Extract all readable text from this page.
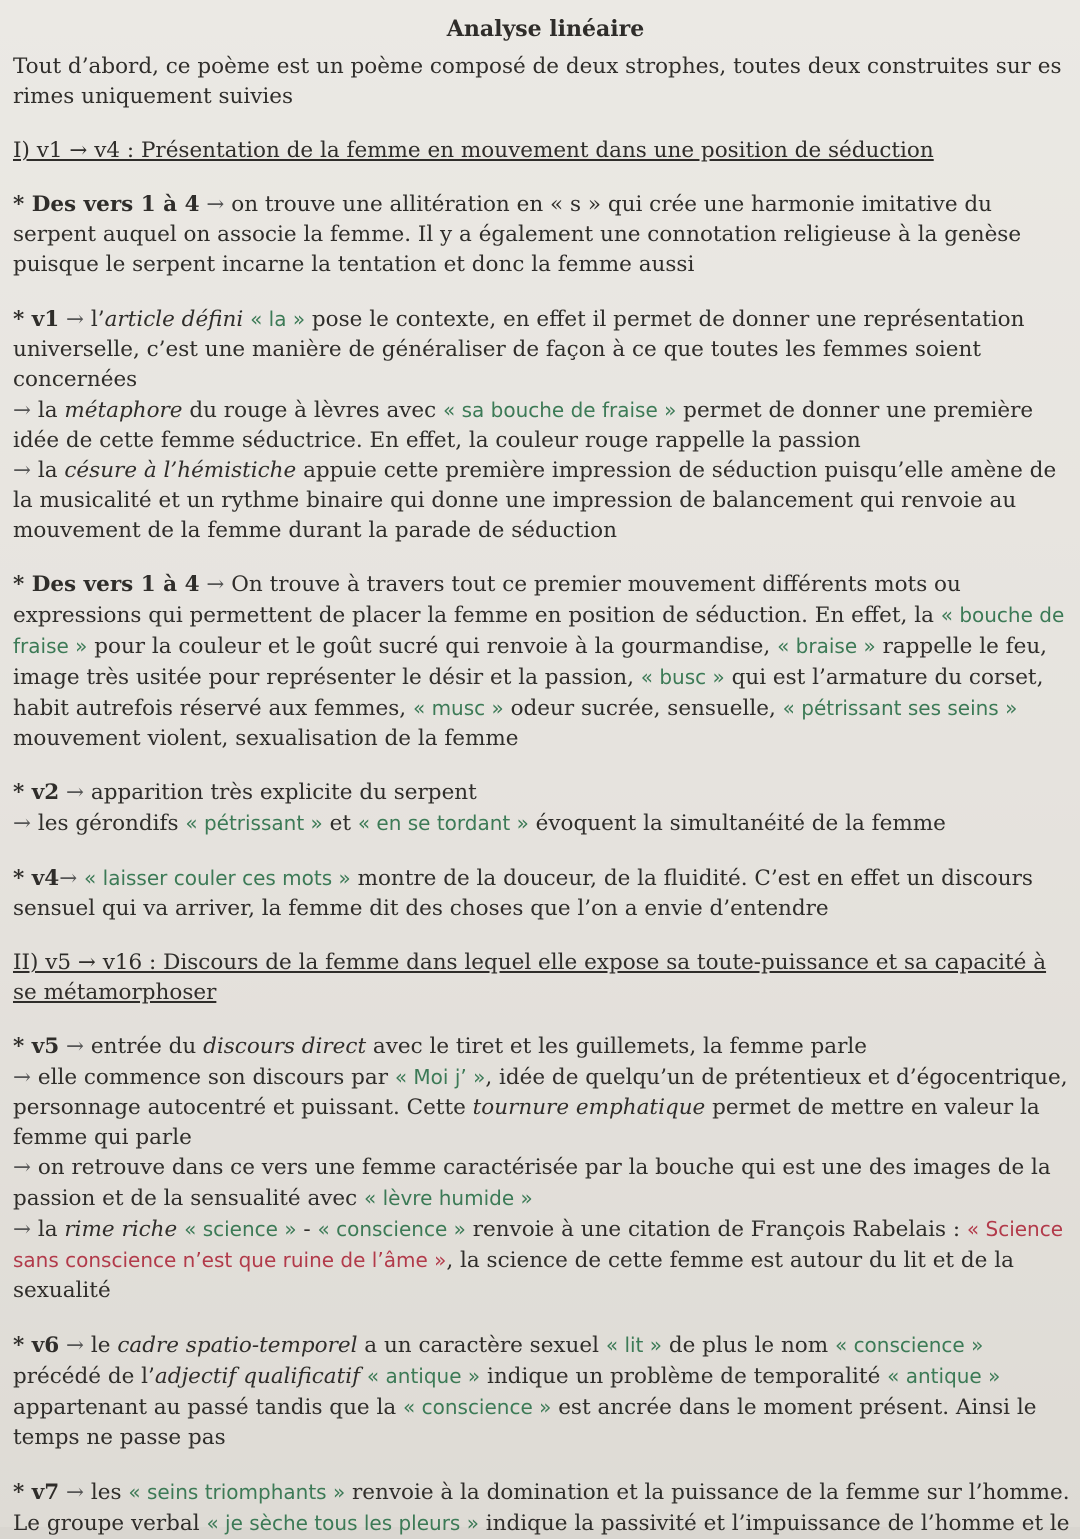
Analyse linéaire

Tout d’abord, ce poème est un poème composé de deux strophes, toutes deux construites sur es rimes uniquement suivies

I) v1 → v4 : Présentation de la femme en mouvement dans une position de séduction

* Des vers 1 à 4 → on trouve une allitération en « s » qui crée une harmonie imitative du serpent auquel on associe la femme. Il y a également une connotation religieuse à la genèse puisque le serpent incarne la tentation et donc la femme aussi

* v1 → l’article défini « la » pose le contexte, en effet il permet de donner une représentation universelle, c’est une manière de généraliser de façon à ce que toutes les femmes soient concernées
→ la métaphore du rouge à lèvres avec « sa bouche de fraise » permet de donner une première idée de cette femme séductrice. En effet, la couleur rouge rappelle la passion
→ la césure à l’hémistiche appuie cette première impression de séduction puisqu’elle amène de la musicalité et un rythme binaire qui donne une impression de balancement qui renvoie au mouvement de la femme durant la parade de séduction

* Des vers 1 à 4 → On trouve à travers tout ce premier mouvement différents mots ou expressions qui permettent de placer la femme en position de séduction. En effet, la « bouche de fraise » pour la couleur et le goût sucré qui renvoie à la gourmandise, « braise » rappelle le feu, image très usitée pour représenter le désir et la passion, « busc » qui est l’armature du corset, habit autrefois réservé aux femmes, « musc » odeur sucrée, sensuelle, « pétrissant ses seins » mouvement violent, sexualisation de la femme

* v2 → apparition très explicite du serpent
→ les gérondifs « pétrissant » et « en se tordant » évoquent la simultanéité de la femme

* v4→ « laisser couler ces mots » montre de la douceur, de la fluidité. C’est en effet un discours sensuel qui va arriver, la femme dit des choses que l’on a envie d’entendre

II) v5 → v16 : Discours de la femme dans lequel elle expose sa toute-puissance et sa capacité à se métamorphoser

* v5 → entrée du discours direct avec le tiret et les guillemets, la femme parle
→ elle commence son discours par « Moi j’ », idée de quelqu’un de prétentieux et d’égocentrique, personnage autocentré et puissant. Cette tournure emphatique permet de mettre en valeur la femme qui parle
→ on retrouve dans ce vers une femme caractérisée par la bouche qui est une des images de la passion et de la sensualité avec « lèvre humide »
→ la rime riche « science » - « conscience » renvoie à une citation de François Rabelais : « Science sans conscience n’est que ruine de l’âme », la science de cette femme est autour du lit et de la sexualité

* v6 → le cadre spatio-temporel a un caractère sexuel « lit » de plus le nom « conscience » précédé de l’adjectif qualificatif « antique » indique un problème de temporalité « antique » appartenant au passé tandis que la « conscience » est ancrée dans le moment présent. Ainsi le temps ne passe pas

* v7 → les « seins triomphants » renvoie à la domination et la puissance de la femme sur l’homme. Le groupe verbal « je sèche tous les pleurs » indique la passivité et l’impuissance de l’homme et le
